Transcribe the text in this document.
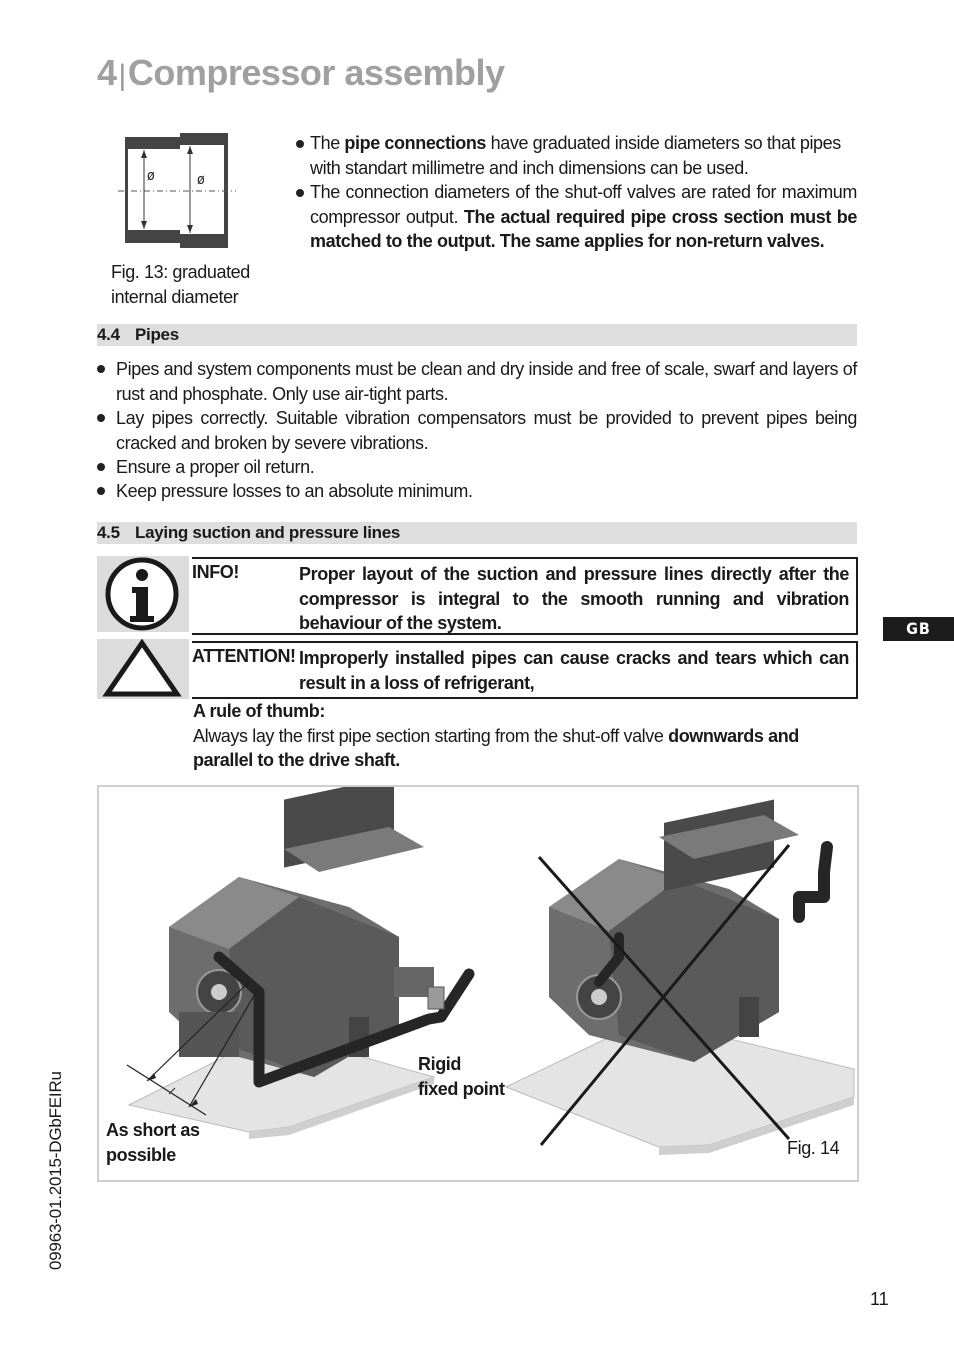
4|Compressor assembly
ø	ø
Fig. 13: graduated
internal diameter
The pipe connections have graduated inside diameters so that pipes with standart millimetre and inch dimensions can be used.
The connection diameters of the shut-off valves are rated for maximum compressor output. The actual required pipe cross section must be matched to the output. The same applies for non-return valves.
4.4 Pipes
Pipes and system components must be clean and dry inside and free of scale, swarf and layers of rust and phosphate. Only use air-tight parts.
Lay pipes correctly. Suitable vibration compensators must be provided to prevent pipes being cracked and broken by severe vibrations.
Ensure a proper oil return.
Keep pressure losses to an absolute minimum.
4.5 Laying suction and pressure lines
INFO!	Proper layout of the suction and pressure lines directly after the compressor is integral to the smooth running and vibration behaviour of the system.
ATTENTION! Improperly installed pipes can cause cracks and tears which can result in a loss of refrigerant,
A rule of thumb:
Always lay the first pipe section starting from the shut-off valve downwards and parallel to the drive shaft.
GB
As short as
possible
Rigid
fixed point
Fig. 14
09963-01.2015-DGbFEIRu
11
